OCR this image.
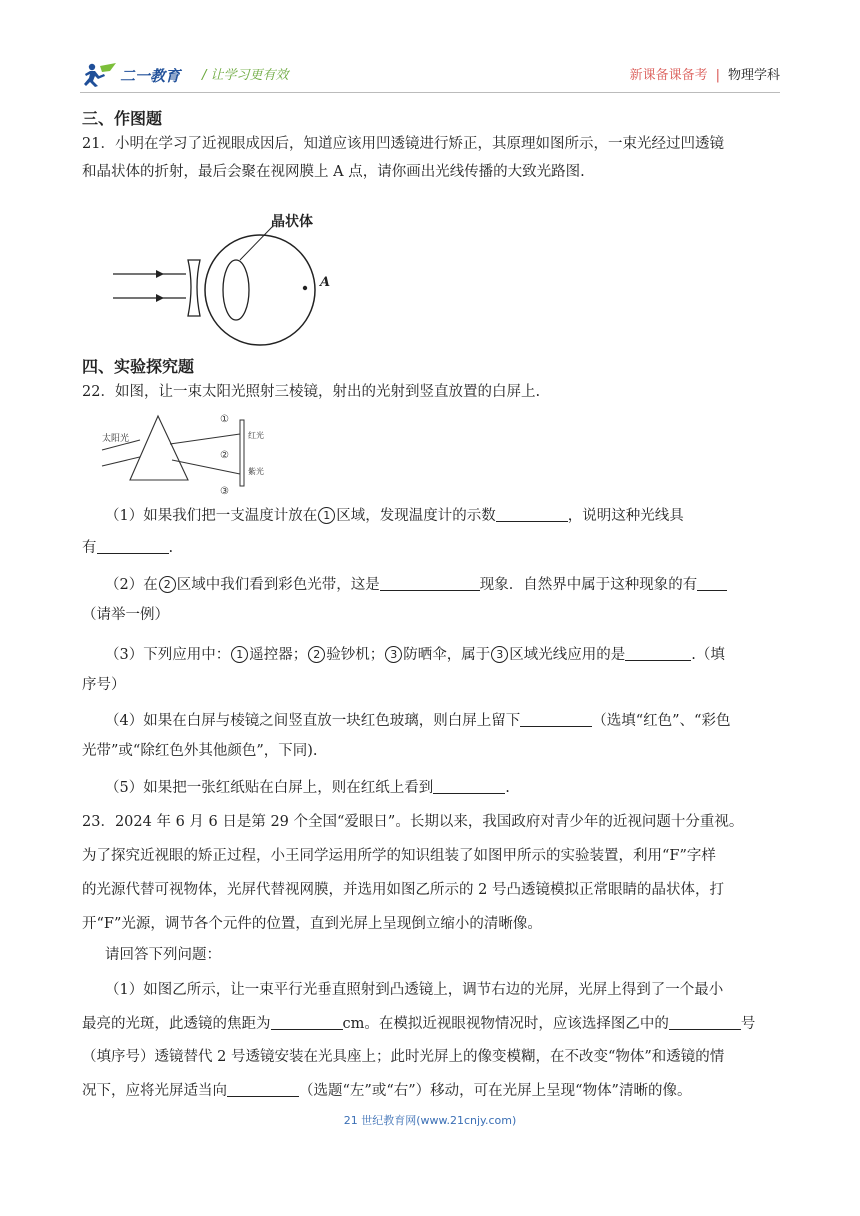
二一教育 / 让学习更有效	新课备课备考 | 物理学科
三、作图题
21．小明在学习了近视眼成因后，知道应该用凹透镜进行矫正，其原理如图所示，一束光经过凹透镜
和晶状体的折射，最后会聚在视网膜上 A 点，请你画出光线传播的大致光路图.
晶状体
A
四、实验探究题
22．如图，让一束太阳光照射三棱镜，射出的光射到竖直放置的白屏上.
太阳光
①
②
③
红光
紫光
（1）如果我们把一支温度计放在 1 区域，发现温度计的示数	，说明这种光线具
有	.
（2）在 2 区域中我们看到彩色光带，这是	现象．自然界中属于这种现象的有
（请举一例）
（3）下列应用中： 1 遥控器； 2 验钞机； 3 防晒伞，属于 3 区域光线应用的是	.（填
序号）
（4）如果在白屏与棱镜之间竖直放一块红色玻璃，则白屏上留下	（选填“红色”、“彩色
光带”或“除红色外其他颜色”，下同).
（5）如果把一张红纸贴在白屏上，则在红纸上看到	.
23．2024 年 6 月 6 日是第 29 个全国“爱眼日”。长期以来，我国政府对青少年的近视问题十分重视。
为了探究近视眼的矫正过程，小王同学运用所学的知识组装了如图甲所示的实验装置，利用“F”字样
的光源代替可视物体，光屏代替视网膜，并选用如图乙所示的 2 号凸透镜模拟正常眼睛的晶状体，打
开“F”光源，调节各个元件的位置，直到光屏上呈现倒立缩小的清晰像。
请回答下列问题：
（1）如图乙所示，让一束平行光垂直照射到凸透镜上，调节右边的光屏，光屏上得到了一个最小
最亮的光斑，此透镜的焦距为	cm。在模拟近视眼视物情况时，应该选择图乙中的	号
（填序号）透镜替代 2 号透镜安装在光具座上；此时光屏上的像变模糊，在不改变“物体”和透镜的情
况下，应将光屏适当向	（选题“左”或“右”）移动，可在光屏上呈现“物体”清晰的像。
21 世纪教育网(www.21cnjy.com)
